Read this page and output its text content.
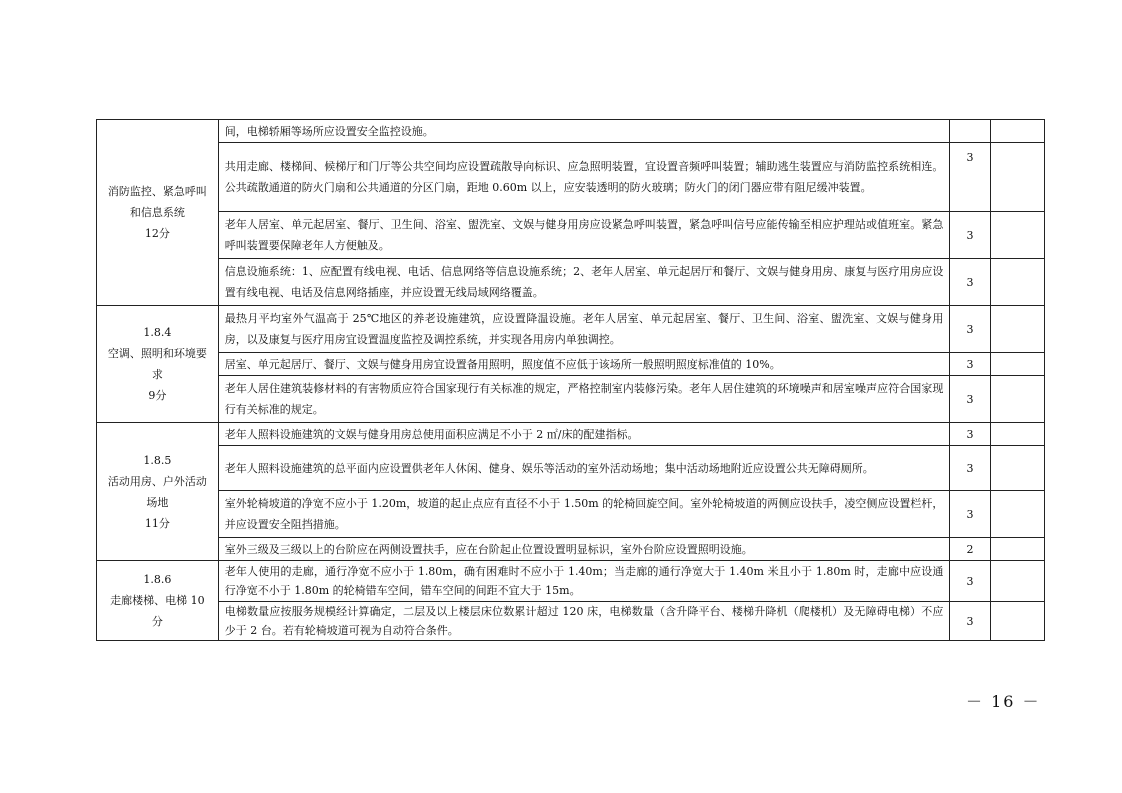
消防监控、紧急呼叫
和信息系统
12分	间，电梯轿厢等场所应设置安全监控设施。		
	共用走廊、楼梯间、候梯厅和门厅等公共空间均应设置疏散导向标识、应急照明装置，宜设置音频呼叫装置；辅助逃生装置应与消防监控系统相连。公共疏散通道的防火门扇和公共通道的分区门扇，距地 0.60m 以上，应安装透明的防火玻璃；防火门的闭门器应带有阻尼缓冲装置。	3	
	老年人居室、单元起居室、餐厅、卫生间、浴室、盥洗室、文娱与健身用房应设紧急呼叫装置，紧急呼叫信号应能传输至相应护理站或值班室。紧急呼叫装置要保障老年人方便触及。	3	
	信息设施系统：1、应配置有线电视、电话、信息网络等信息设施系统；2、老年人居室、单元起居厅和餐厅、文娱与健身用房、康复与医疗用房应设置有线电视、电话及信息网络插座，并应设置无线局域网络覆盖。	3	

1.8.4
空调、照明和环境要
求
9分	最热月平均室外气温高于 25℃地区的养老设施建筑，应设置降温设施。老年人居室、单元起居室、餐厅、卫生间、浴室、盥洗室、文娱与健身用房，以及康复与医疗用房宜设置温度监控及调控系统，并实现各用房内单独调控。	3	
	居室、单元起居厅、餐厅、文娱与健身用房宜设置备用照明，照度值不应低于该场所一般照明照度标准值的 10%。	3	
	老年人居住建筑装修材料的有害物质应符合国家现行有关标准的规定，严格控制室内装修污染。老年人居住建筑的环境噪声和居室噪声应符合国家现行有关标准的规定。	3	

1.8.5
活动用房、户外活动
场地
11分	老年人照料设施建筑的文娱与健身用房总使用面积应满足不小于 2 ㎡/床的配建指标。	3	
	老年人照料设施建筑的总平面内应设置供老年人休闲、健身、娱乐等活动的室外活动场地；集中活动场地附近应设置公共无障碍厕所。	3	
	室外轮椅坡道的净宽不应小于 1.20m，坡道的起止点应有直径不小于 1.50m 的轮椅回旋空间。室外轮椅坡道的两侧应设扶手，凌空侧应设置栏杆，并应设置安全阻挡措施。	3	
	室外三级及三级以上的台阶应在两侧设置扶手，应在台阶起止位置设置明显标识，室外台阶应设置照明设施。	2	

1.8.6
走廊楼梯、电梯 10
分	老年人使用的走廊，通行净宽不应小于 1.80m，确有困难时不应小于 1.40m；当走廊的通行净宽大于 1.40m 米且小于 1.80m 时，走廊中应设通行净宽不小于 1.80m 的轮椅错车空间，错车空间的间距不宜大于 15m。	3	
	电梯数量应按服务规模经计算确定，二层及以上楼层床位数累计超过 120 床，电梯数量（含升降平台、楼梯升降机（爬楼机）及无障碍电梯）不应少于 2 台。若有轮椅坡道可视为自动符合条件。	3	
－ 16 －
